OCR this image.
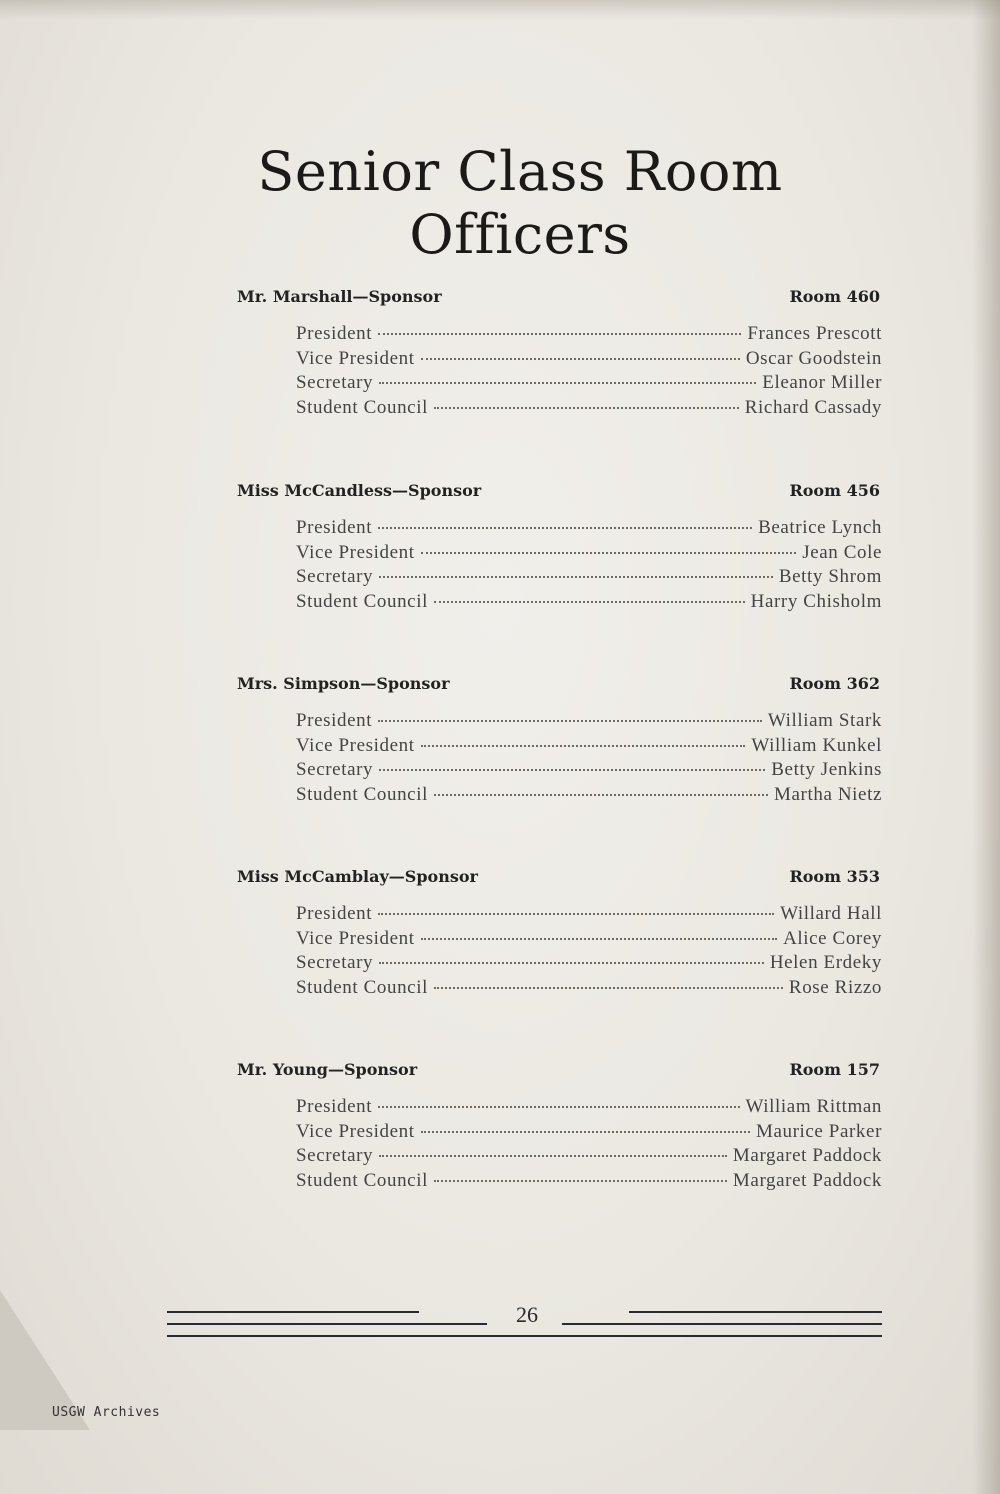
Senior Class Room Officers
Mr. Marshall—Sponsor	Room 460
President	Frances Prescott
Vice President	Oscar Goodstein
Secretary	Eleanor Miller
Student Council	Richard Cassady
Miss McCandless—Sponsor	Room 456
President	Beatrice Lynch
Vice President	Jean Cole
Secretary	Betty Shrom
Student Council	Harry Chisholm
Mrs. Simpson—Sponsor	Room 362
President	William Stark
Vice President	William Kunkel
Secretary	Betty Jenkins
Student Council	Martha Nietz
Miss McCamblay—Sponsor	Room 353
President	Willard Hall
Vice President	Alice Corey
Secretary	Helen Erdeky
Student Council	Rose Rizzo
Mr. Young—Sponsor	Room 157
President	William Rittman
Vice President	Maurice Parker
Secretary	Margaret Paddock
Student Council	Margaret Paddock
26
USGW Archives
